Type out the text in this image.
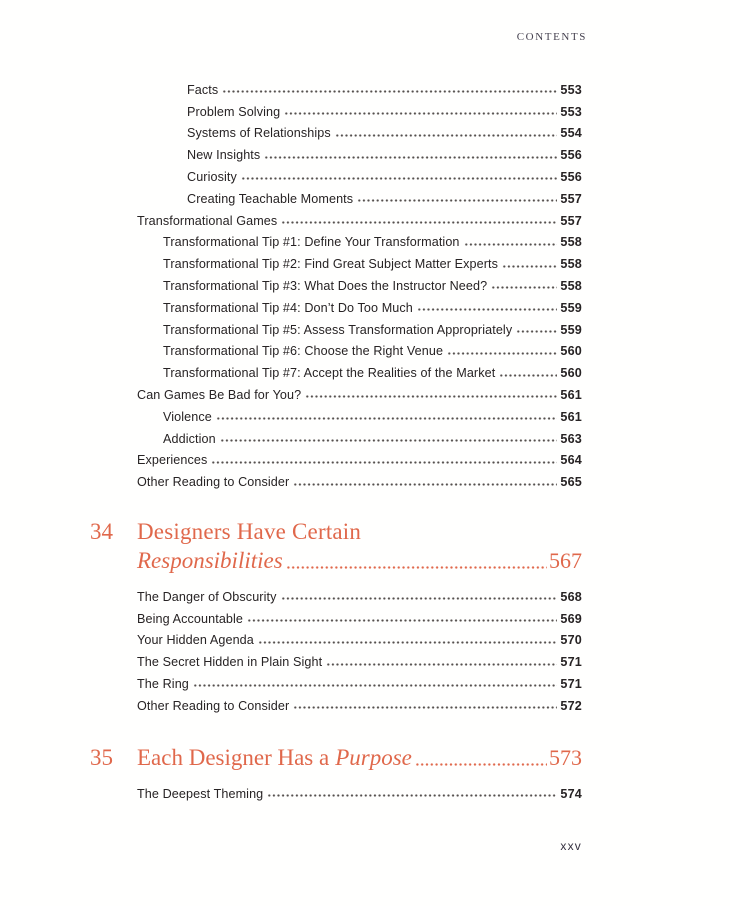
CONTENTS
Facts	553
Problem Solving	553
Systems of Relationships	554
New Insights	556
Curiosity	556
Creating Teachable Moments	557
Transformational Games	557
Transformational Tip #1: Define Your Transformation	558
Transformational Tip #2: Find Great Subject Matter Experts	558
Transformational Tip #3: What Does the Instructor Need?	558
Transformational Tip #4: Don’t Do Too Much	559
Transformational Tip #5: Assess Transformation Appropriately	559
Transformational Tip #6: Choose the Right Venue	560
Transformational Tip #7: Accept the Realities of the Market	560
Can Games Be Bad for You?	561
Violence	561
Addiction	563
Experiences	564
Other Reading to Consider	565
34	Designers Have Certain
Responsibilities	567
The Danger of Obscurity	568
Being Accountable	569
Your Hidden Agenda	570
The Secret Hidden in Plain Sight	571
The Ring	571
Other Reading to Consider	572
35	Each Designer Has a Purpose	573
The Deepest Theming	574
xxv
